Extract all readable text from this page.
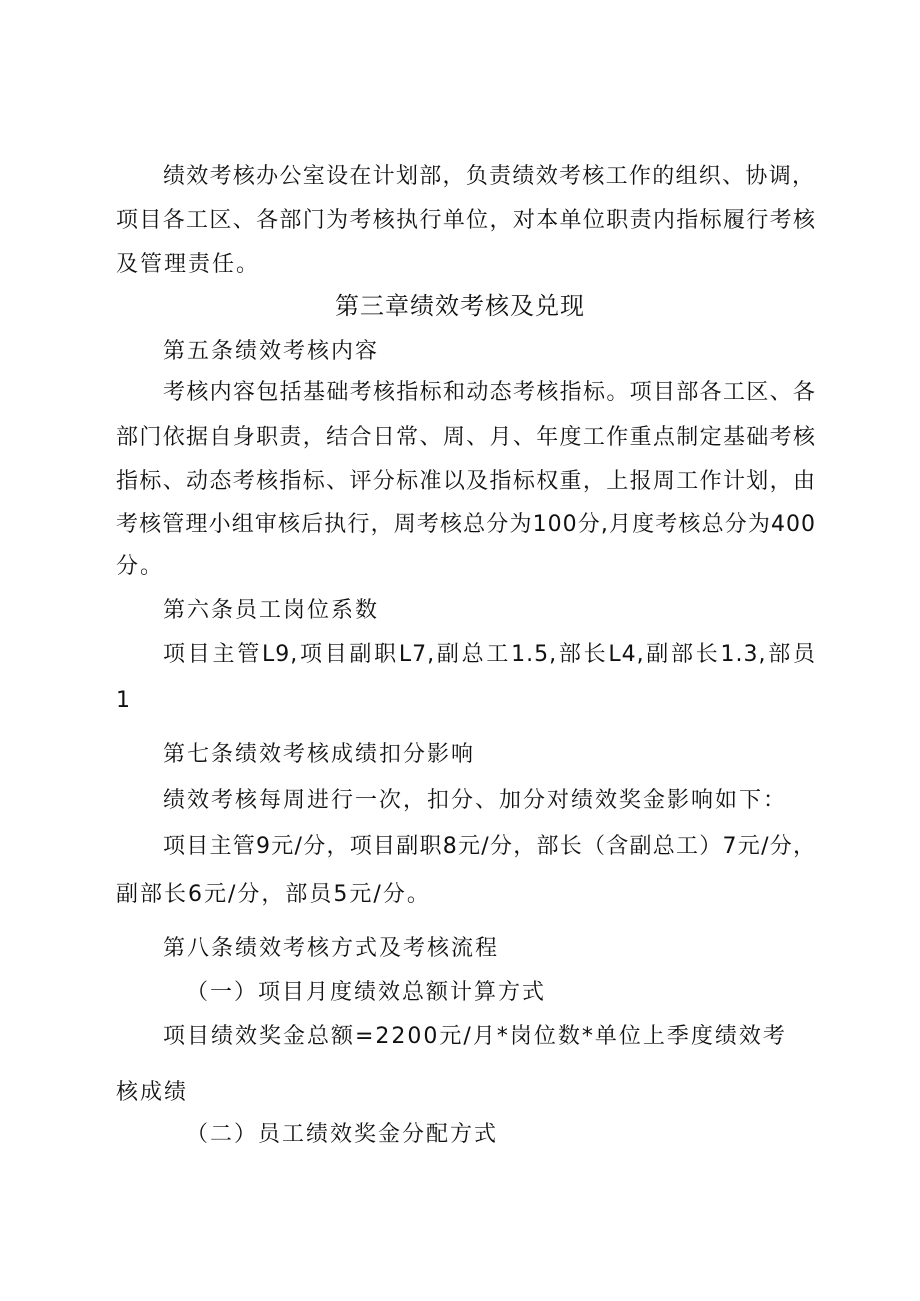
绩效考核办公室设在计划部，负责绩效考核工作的组织、协调，
项目各工区、各部门为考核执行单位，对本单位职责内指标履行考核
及管理责任。
第三章绩效考核及兑现
第五条绩效考核内容
考核内容包括基础考核指标和动态考核指标。项目部各工区、各
部门依据自身职责，结合日常、周、月、年度工作重点制定基础考核
指标、动态考核指标、评分标准以及指标权重，上报周工作计划，由
考核管理小组审核后执行，周考核总分为100分,月度考核总分为400
分。
第六条员工岗位系数
项目主管L9,项目副职L7,副总工1.5,部长L4,副部长1.3,部员
1
第七条绩效考核成绩扣分影响
绩效考核每周进行一次，扣分、加分对绩效奖金影响如下：
项目主管9元/分，项目副职8元/分，部长（含副总工）7元/分，
副部长6元/分，部员5元/分。
第八条绩效考核方式及考核流程
（一）项目月度绩效总额计算方式
项目绩效奖金总额=2200元/月*岗位数*单位上季度绩效考
核成绩
（二）员工绩效奖金分配方式
